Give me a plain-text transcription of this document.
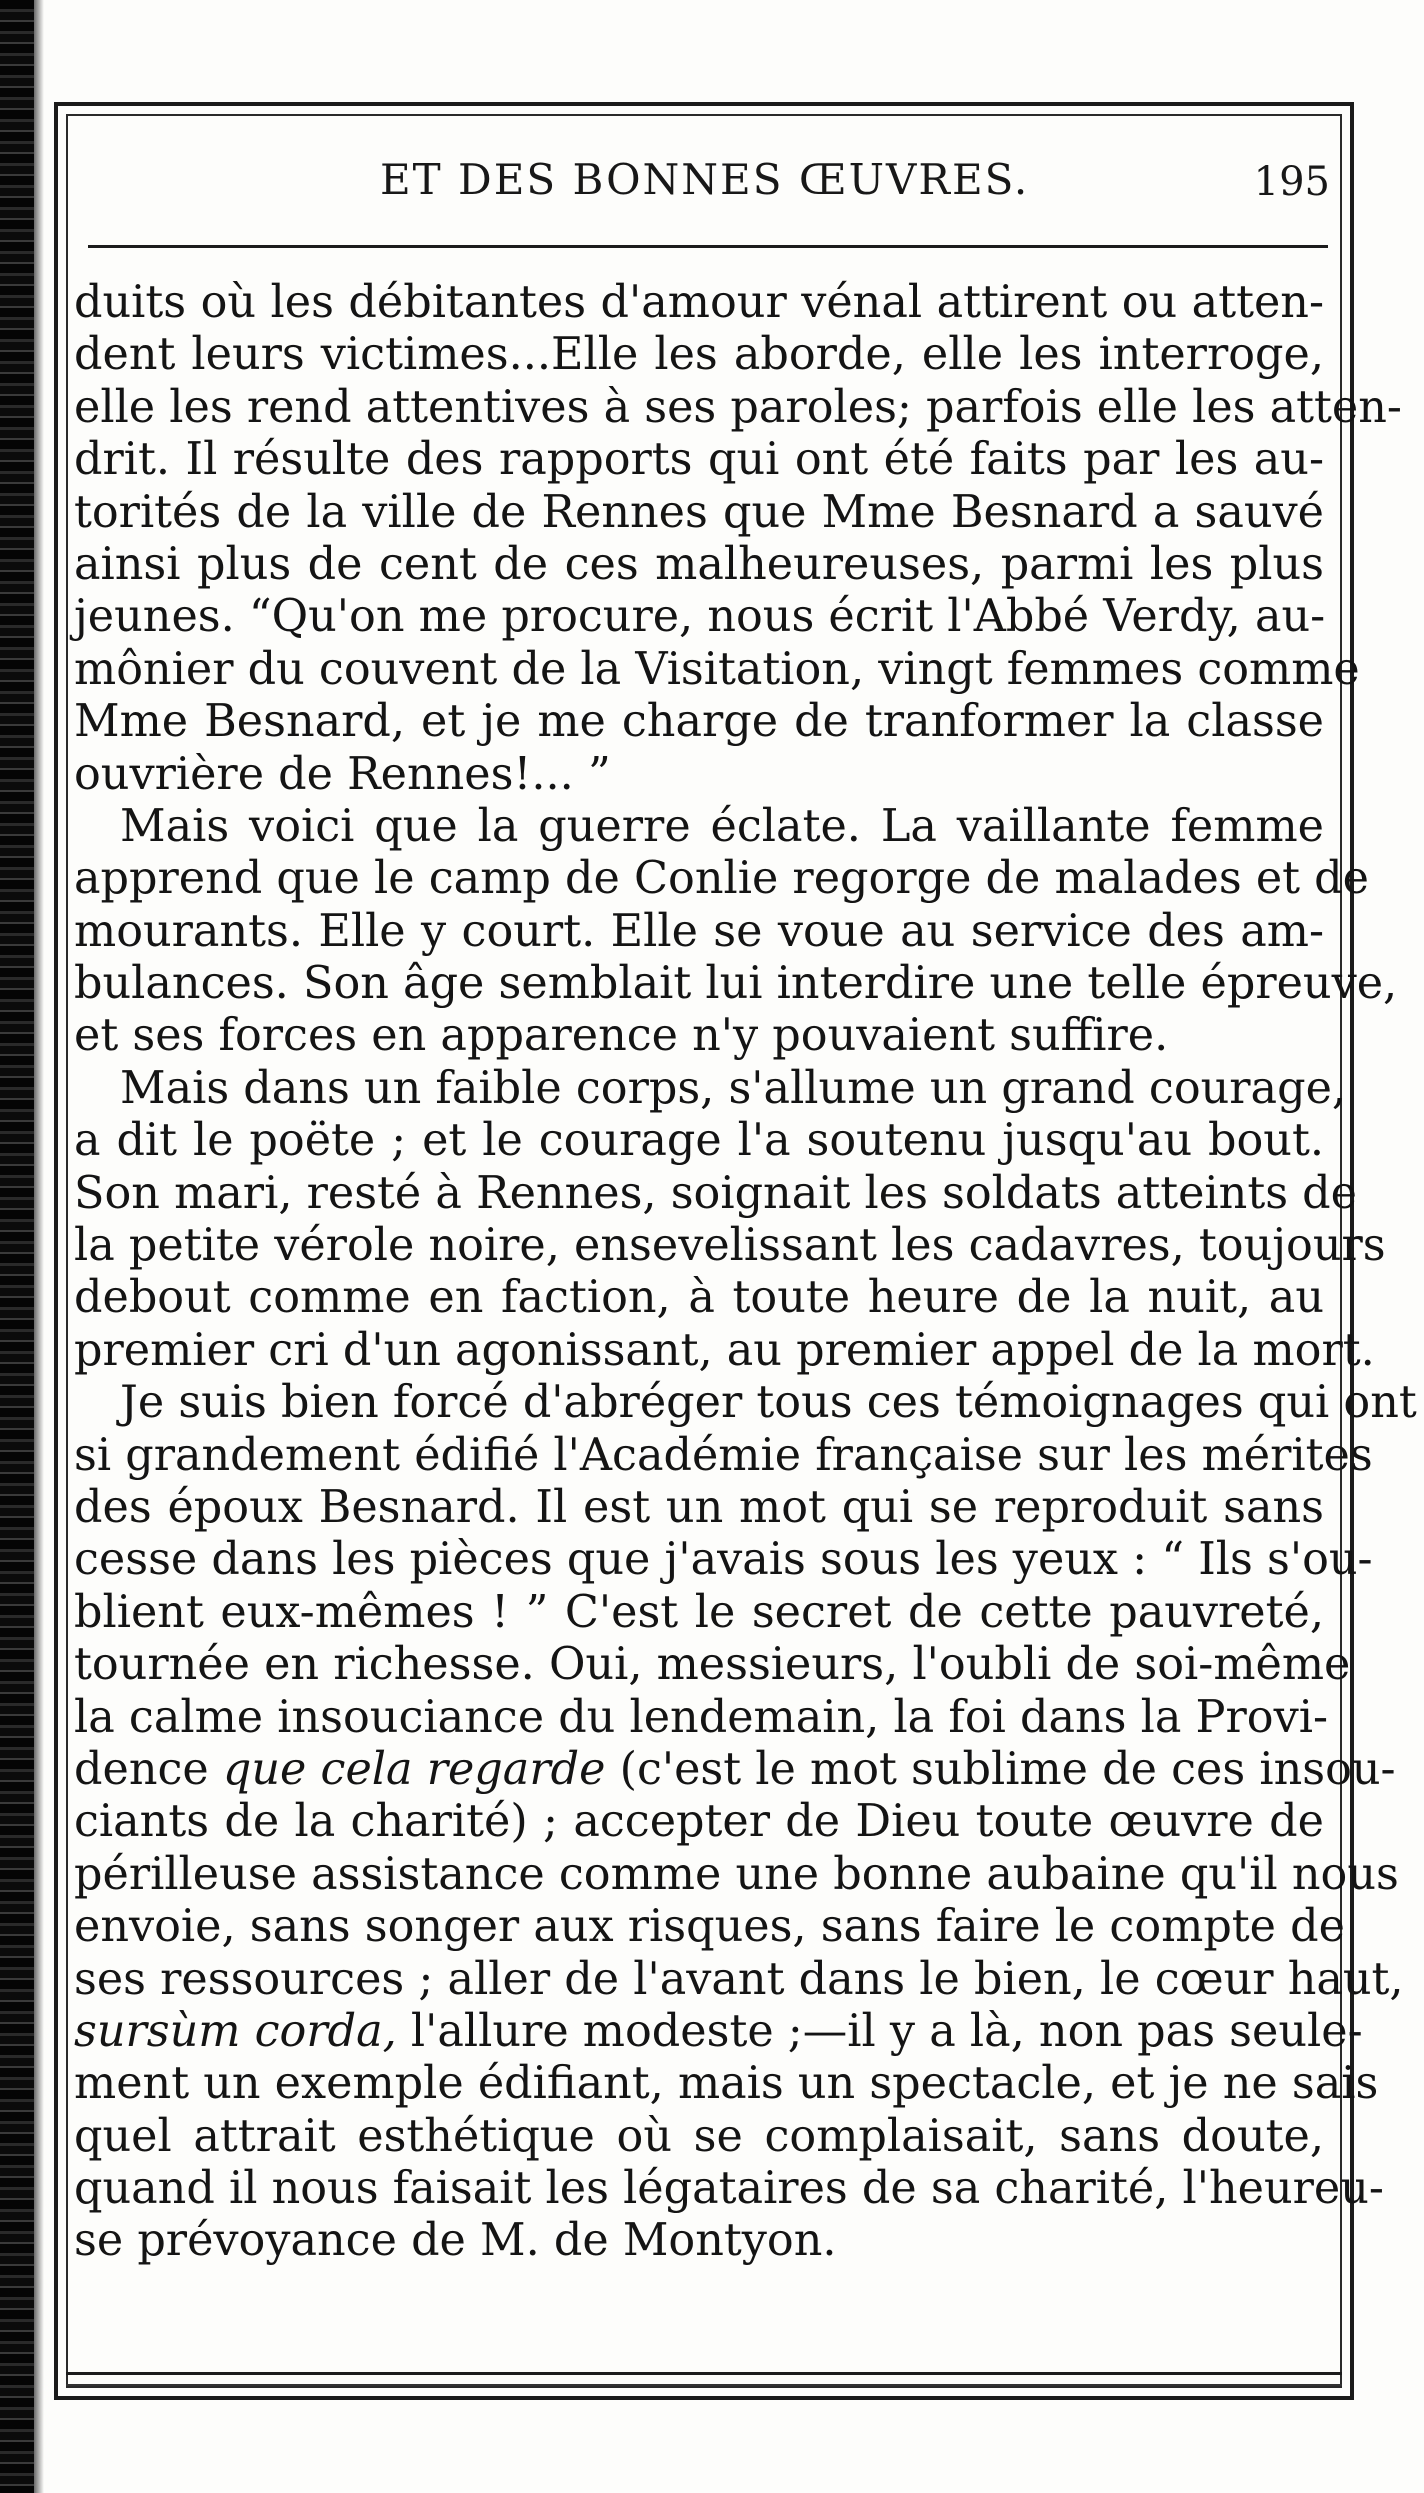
ET DES BONNES ŒUVRES.	195
duits où les débitantes d'amour vénal attirent ou atten-
dent leurs victimes...Elle les aborde, elle les interroge,
elle les rend attentives à ses paroles; parfois elle les atten-
drit. Il résulte des rapports qui ont été faits par les au-
torités de la ville de Rennes que Mme Besnard a sauvé
ainsi plus de cent de ces malheureuses, parmi les plus
jeunes. “Qu'on me procure, nous écrit l'Abbé Verdy, au-
mônier du couvent de la Visitation, vingt femmes comme
Mme Besnard, et je me charge de tranformer la classe
ouvrière de Rennes!... ”
Mais voici que la guerre éclate. La vaillante femme
apprend que le camp de Conlie regorge de malades et de
mourants. Elle y court. Elle se voue au service des am-
bulances. Son âge semblait lui interdire une telle épreuve,
et ses forces en apparence n'y pouvaient suffire.
Mais dans un faible corps, s'allume un grand courage,
a dit le poëte ; et le courage l'a soutenu jusqu'au bout.
Son mari, resté à Rennes, soignait les soldats atteints de
la petite vérole noire, ensevelissant les cadavres, toujours
debout comme en faction, à toute heure de la nuit, au
premier cri d'un agonissant, au premier appel de la mort.
Je suis bien forcé d'abréger tous ces témoignages qui ont
si grandement édifié l'Académie française sur les mérites
des époux Besnard. Il est un mot qui se reproduit sans
cesse dans les pièces que j'avais sous les yeux : “ Ils s'ou-
blient eux-mêmes ! ” C'est le secret de cette pauvreté,
tournée en richesse. Oui, messieurs, l'oubli de soi-même
la calme insouciance du lendemain, la foi dans la Provi-
dence que cela regarde (c'est le mot sublime de ces insou-
ciants de la charité) ; accepter de Dieu toute œuvre de
périlleuse assistance comme une bonne aubaine qu'il nous
envoie, sans songer aux risques, sans faire le compte de
ses ressources ; aller de l'avant dans le bien, le cœur haut,
sursùm corda, l'allure modeste ;—il y a là, non pas seule-
ment un exemple édifiant, mais un spectacle, et je ne sais
quel attrait esthétique où se complaisait, sans doute,
quand il nous faisait les légataires de sa charité, l'heureu-
se prévoyance de M. de Montyon.
